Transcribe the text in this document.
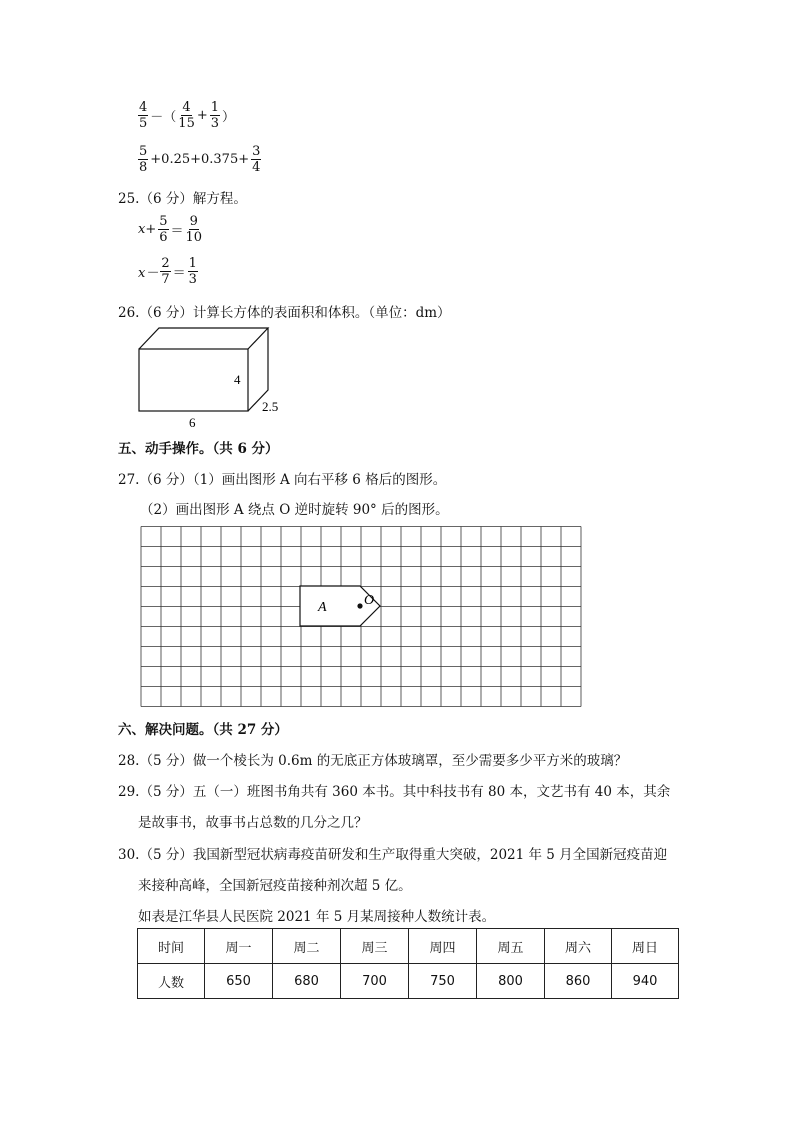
$\frac{4}{5}$ －（ $\frac{4}{15} + \frac{1}{3}$ ）
$\frac{5}{8} +0.25+0.375+ \frac{3}{4}$
25.（6 分）解方程。
$x+ \frac{5}{6} = \frac{9}{10}$
$x- \frac{2}{7} = \frac{1}{3}$
26.（6 分）计算长方体的表面积和体积。（单位：dm）
4
2.5
6
五、动手操作。（共 6 分）
27.（6 分）（1）画出图形 A 向右平移 6 格后的图形。
（2）画出图形 A 绕点 O 逆时旋转 90° 后的图形。
A	O
六、解决问题。（共 27 分）
28.（5 分）做一个棱长为 0.6m 的无底正方体玻璃罩，至少需要多少平方米的玻璃？
29.（5 分）五（一）班图书角共有 360 本书。其中科技书有 80 本，文艺书有 40 本，其余
是故事书，故事书占总数的几分之几？
30.（5 分）我国新型冠状病毒疫苗研发和生产取得重大突破，2021 年 5 月全国新冠疫苗迎
来接种高峰，全国新冠疫苗接种剂次超 5 亿。
如表是江华县人民医院 2021 年 5 月某周接种人数统计表。
时间	周一	周二	周三	周四	周五	周六	周日
人数	650	680	700	750	800	860	940
